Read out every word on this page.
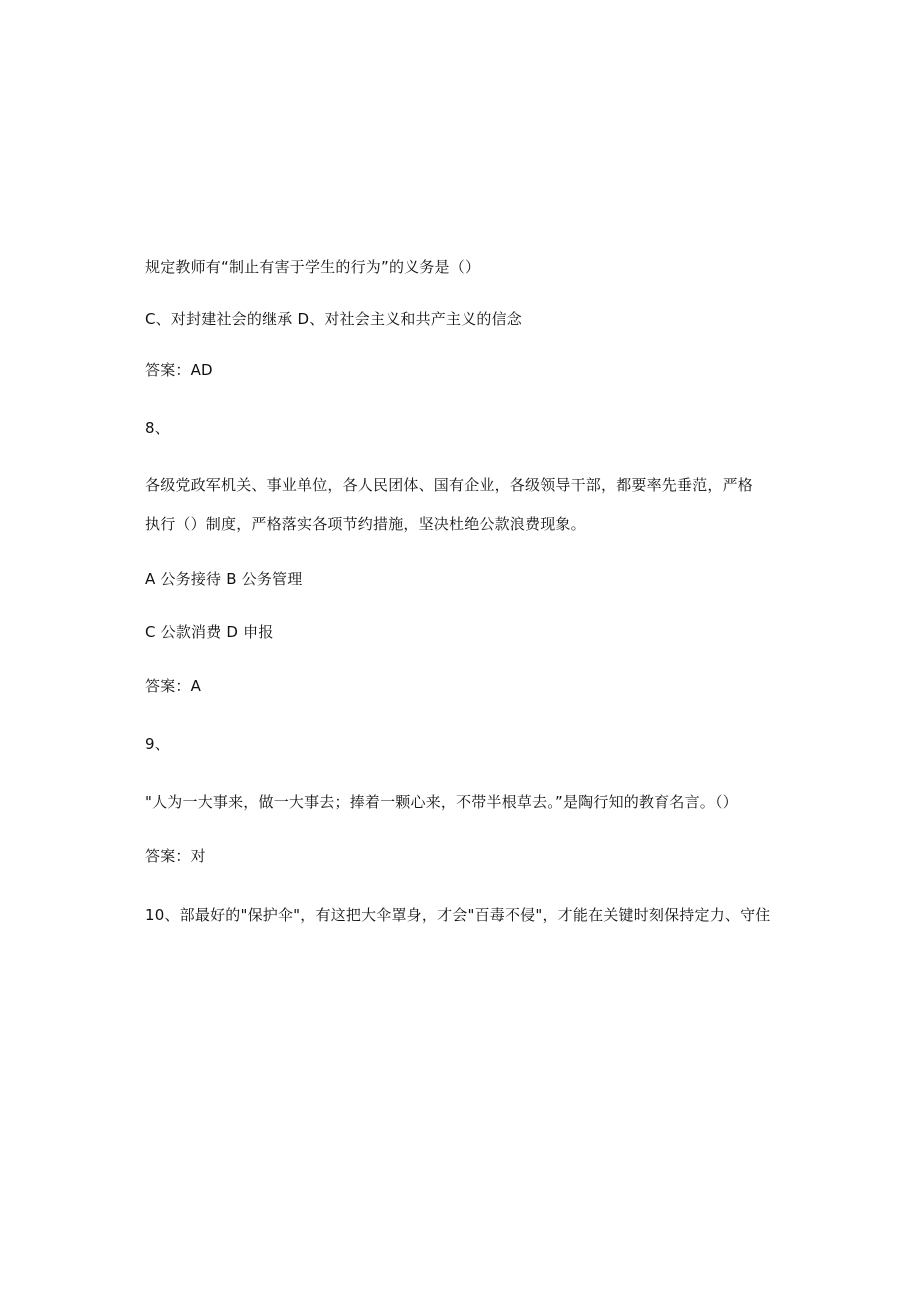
规定教师有“制止有害于学生的行为”的义务是（）
C、对封建社会的继承 D、对社会主义和共产主义的信念
答案：AD
8、
各级党政军机关、事业单位，各人民团体、国有企业，各级领导干部，都要率先垂范，严格
执行（）制度，严格落实各项节约措施，坚决杜绝公款浪费现象。
A 公务接待 B 公务管理
C 公款消费 D 申报
答案：A
9、
"人为一大事来，做一大事去；捧着一颗心来，不带半根草去。”是陶行知的教育名言。（）
答案：对
10、部最好的"保护伞"，有这把大伞罩身，才会"百毒不侵"，才能在关键时刻保持定力、守住
